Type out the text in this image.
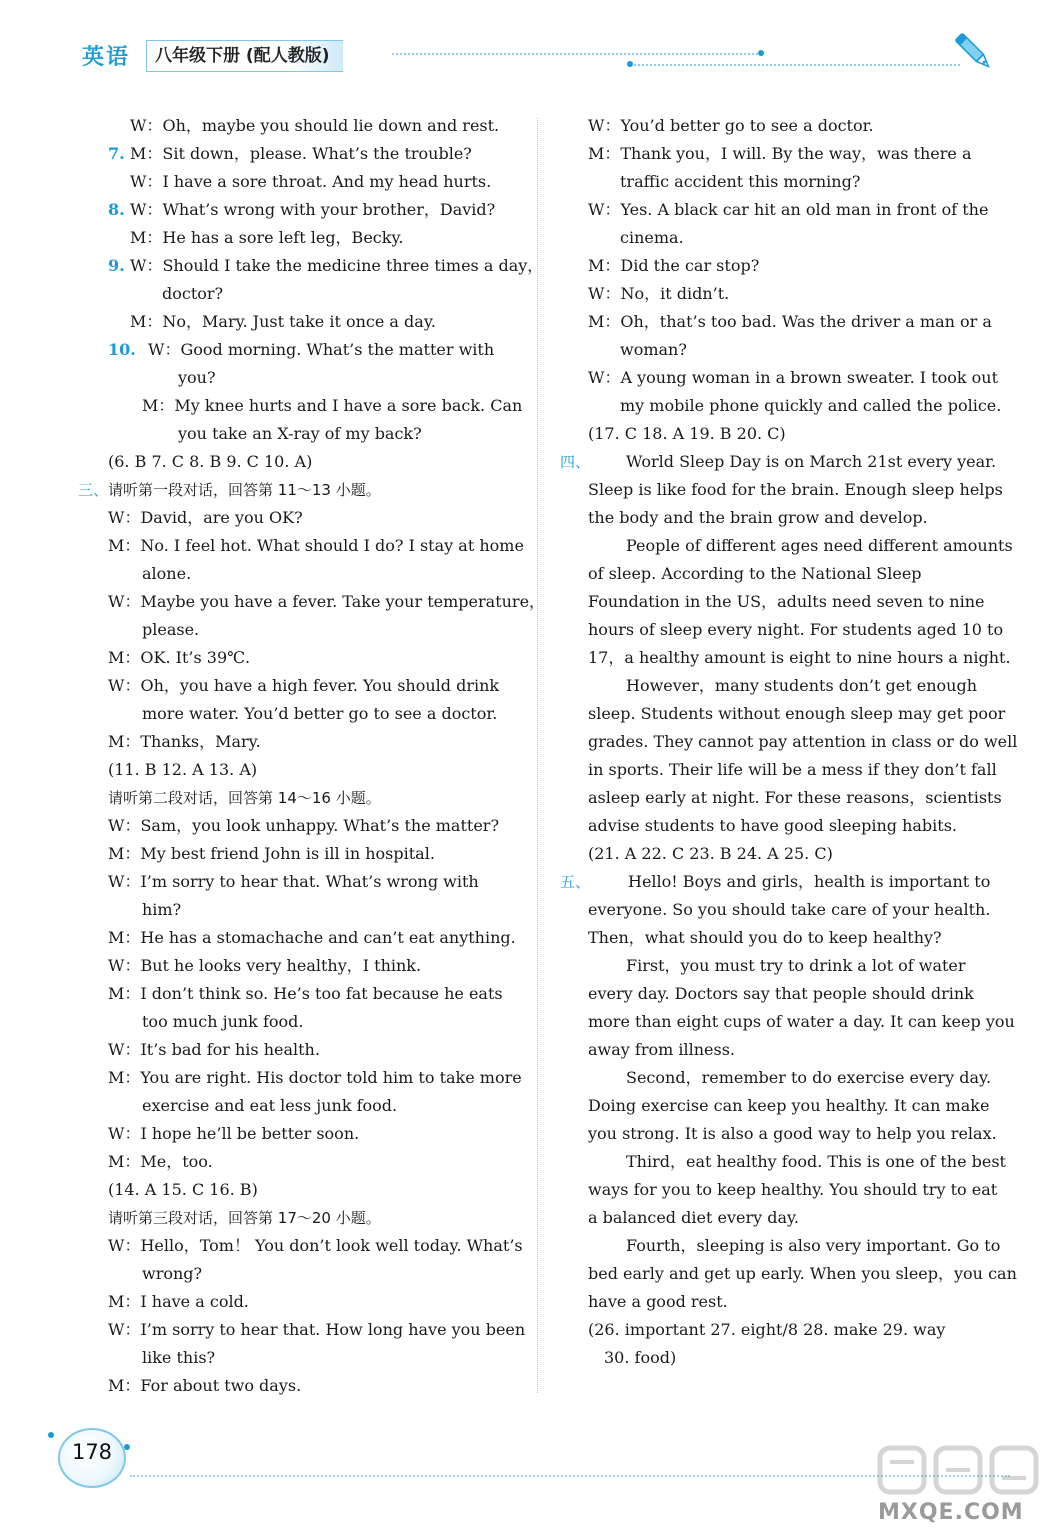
英语	八年级下册 (配人教版)
W：Oh，maybe you should lie down and rest.
7. M：Sit down，please. What’s the trouble?
W：I have a sore throat. And my head hurts.
8. W：What’s wrong with your brother，David?
M：He has a sore left leg，Becky.
9. W：Should I take the medicine three times a day，
doctor?
M：No，Mary. Just take it once a day.
10. W：Good morning. What’s the matter with
you?
M：My knee hurts and I have a sore back. Can
you take an X-ray of my back?
(6. B 7. C 8. B 9. C 10. A)
三、 请听第一段对话，回答第 11～13 小题。
W：David，are you OK?
M：No. I feel hot. What should I do? I stay at home
alone.
W：Maybe you have a fever. Take your temperature，
please.
M：OK. It’s 39℃.
W：Oh，you have a high fever. You should drink
more water. You’d better go to see a doctor.
M：Thanks，Mary.
(11. B 12. A 13. A)
请听第二段对话，回答第 14～16 小题。
W：Sam，you look unhappy. What’s the matter?
M：My best friend John is ill in hospital.
W：I’m sorry to hear that. What’s wrong with
him?
M：He has a stomachache and can’t eat anything.
W：But he looks very healthy，I think.
M：I don’t think so. He’s too fat because he eats
too much junk food.
W：It’s bad for his health.
M：You are right. His doctor told him to take more
exercise and eat less junk food.
W：I hope he’ll be better soon.
M：Me，too.
(14. A 15. C 16. B)
请听第三段对话，回答第 17～20 小题。
W：Hello，Tom！ You don’t look well today. What’s
wrong?
M：I have a cold.
W：I’m sorry to hear that. How long have you been
like this?
M：For about two days.
W：You’d better go to see a doctor.
M：Thank you，I will. By the way，was there a
traffic accident this morning?
W：Yes. A black car hit an old man in front of the
cinema.
M：Did the car stop?
W：No，it didn’t.
M：Oh，that’s too bad. Was the driver a man or a
woman?
W：A young woman in a brown sweater. I took out
my mobile phone quickly and called the police.
(17. C 18. A 19. B 20. C)
四、 World Sleep Day is on March 21st every year.
Sleep is like food for the brain. Enough sleep helps
the body and the brain grow and develop.
People of different ages need different amounts
of sleep. According to the National Sleep
Foundation in the US，adults need seven to nine
hours of sleep every night. For students aged 10 to
17，a healthy amount is eight to nine hours a night.
However，many students don’t get enough
sleep. Students without enough sleep may get poor
grades. They cannot pay attention in class or do well
in sports. Their life will be a mess if they don’t fall
asleep early at night. For these reasons，scientists
advise students to have good sleeping habits.
(21. A 22. C 23. B 24. A 25. C)
五、 Hello! Boys and girls，health is important to
everyone. So you should take care of your health.
Then，what should you do to keep healthy?
First，you must try to drink a lot of water
every day. Doctors say that people should drink
more than eight cups of water a day. It can keep you
away from illness.
Second，remember to do exercise every day.
Doing exercise can keep you healthy. It can make
you strong. It is also a good way to help you relax.
Third，eat healthy food. This is one of the best
ways for you to keep healthy. You should try to eat
a balanced diet every day.
Fourth，sleeping is also very important. Go to
bed early and get up early. When you sleep，you can
have a good rest.
(26. important 27. eight/8 28. make 29. way
30. food)
178
MXQE.COM
